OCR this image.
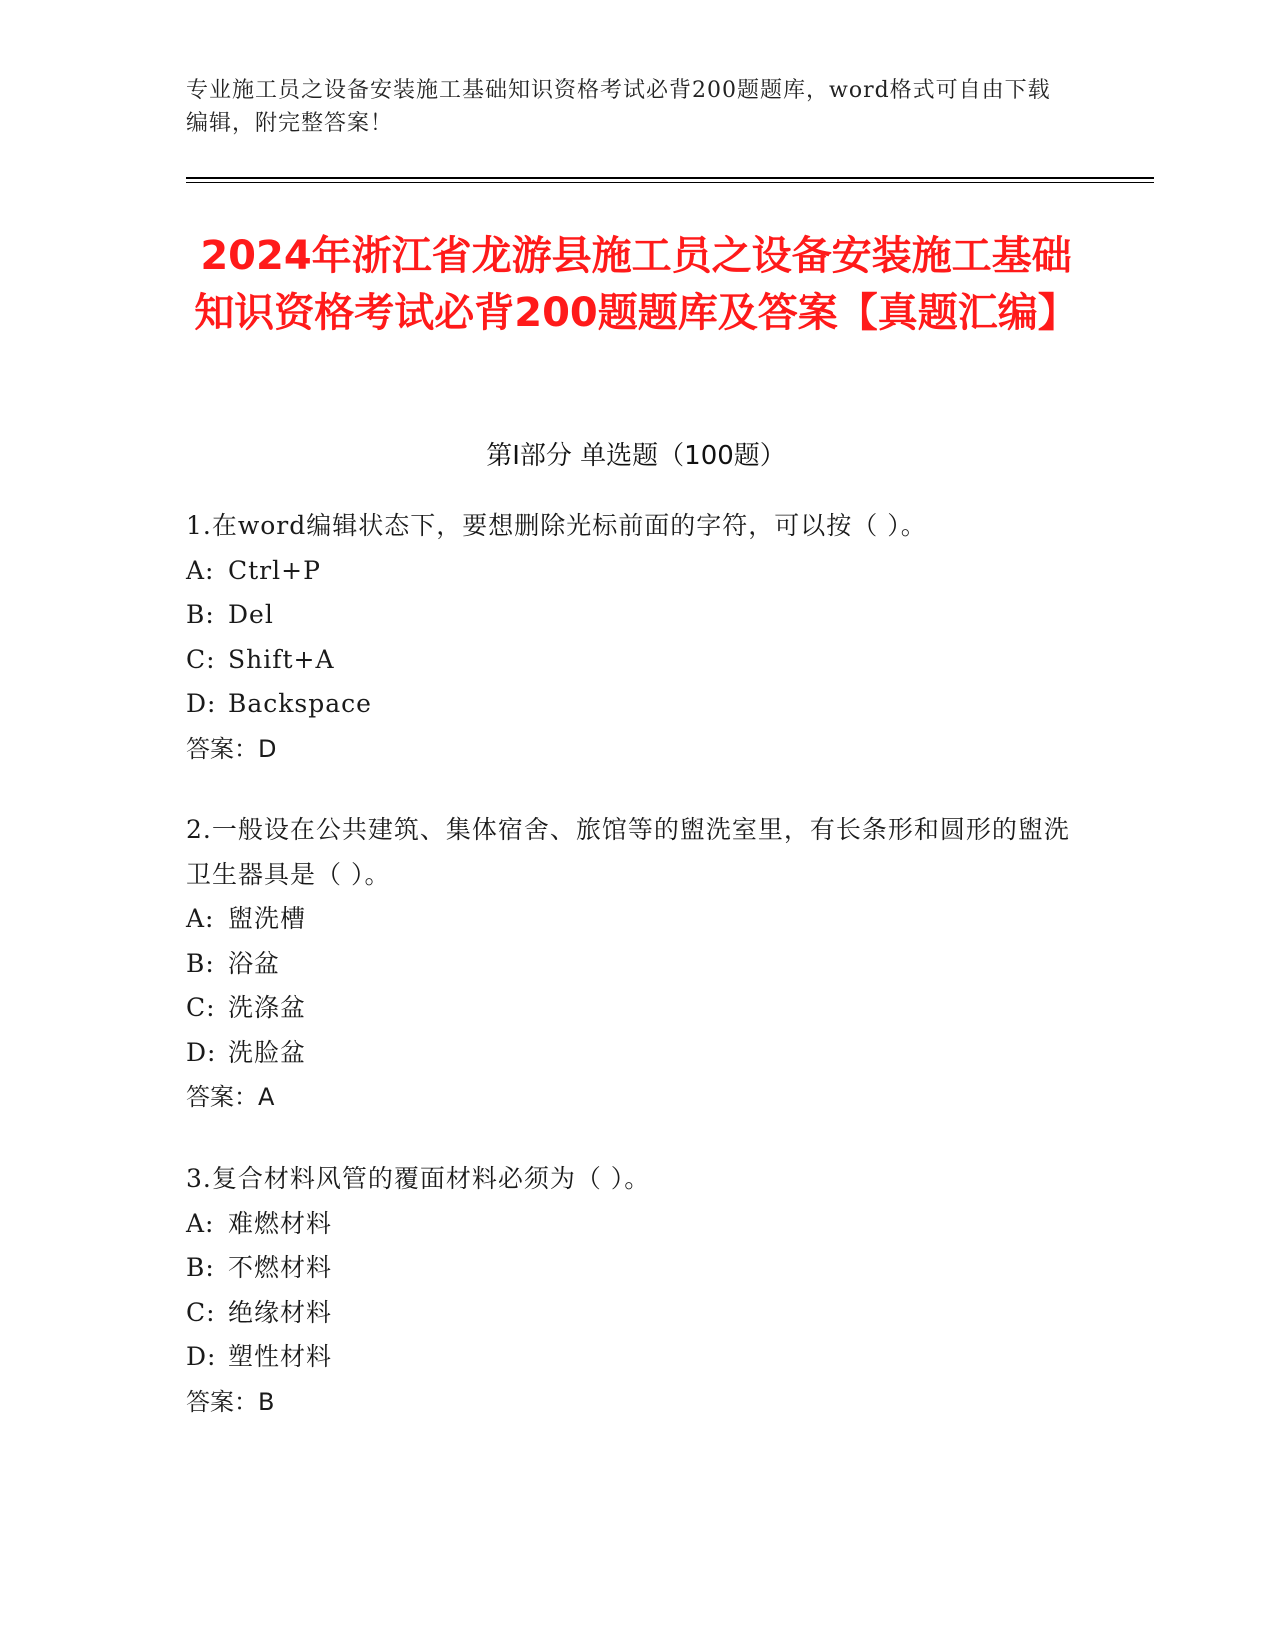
专业施工员之设备安装施工基础知识资格考试必背200题题库，word格式可自由下载编辑，附完整答案！
2024年浙江省龙游县施工员之设备安装施工基础知识资格考试必背200题题库及答案【真题汇编】
第I部分 单选题（100题）

1.在word编辑状态下，要想删除光标前面的字符，可以按（ ）。

A: Ctrl+P

B: Del

C: Shift+A

D: Backspace

答案：D

2.一般设在公共建筑、集体宿舍、旅馆等的盥洗室里，有长条形和圆形的盥洗卫生器具是（ ）。

A: 盥洗槽

B: 浴盆

C: 洗涤盆

D: 洗脸盆

答案：A

3.复合材料风管的覆面材料必须为（ ）。

A: 难燃材料

B: 不燃材料

C: 绝缘材料

D: 塑性材料

答案：B
